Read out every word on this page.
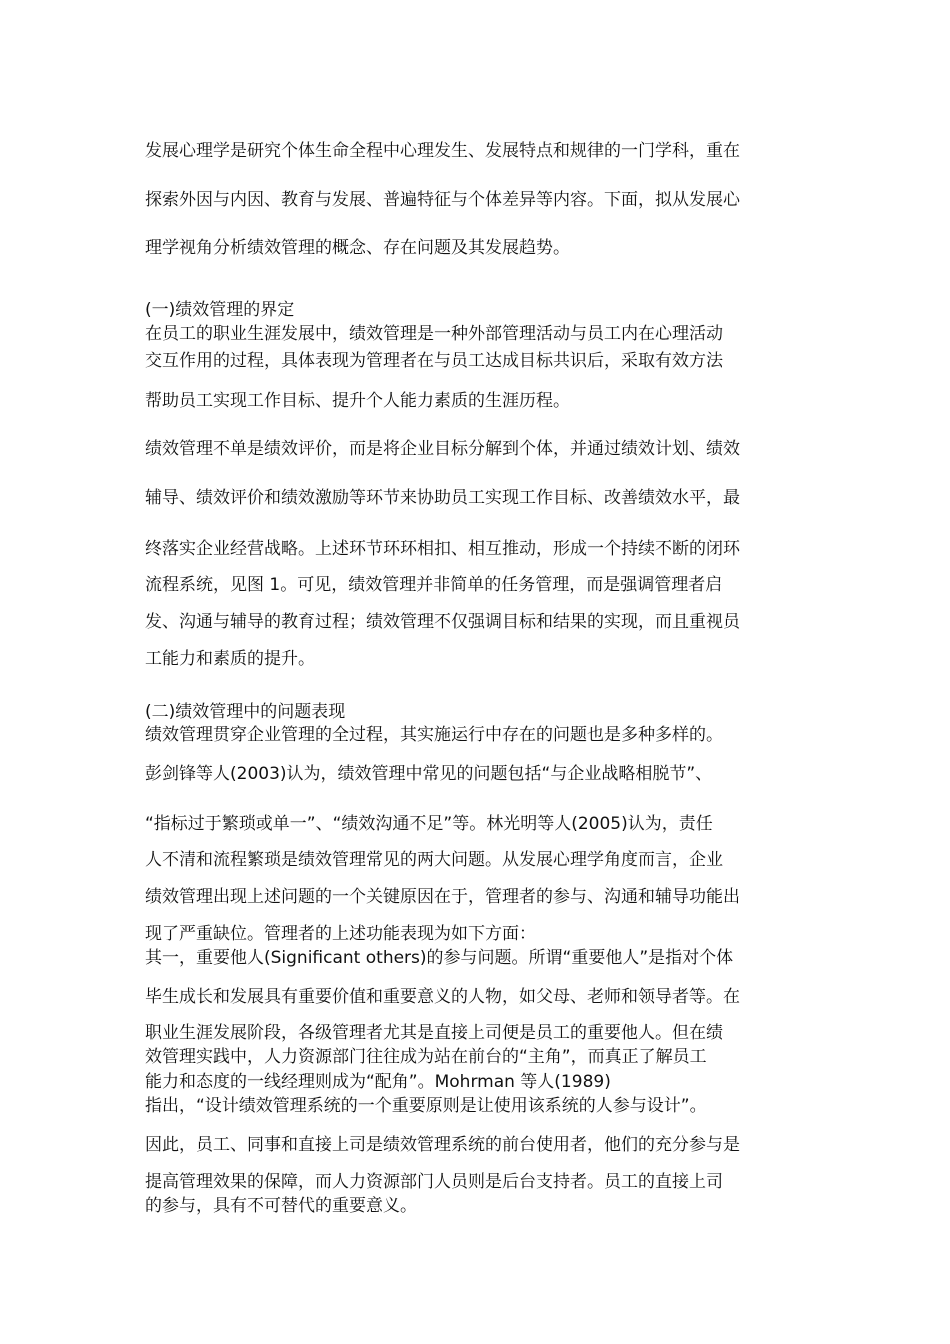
发展心理学是研究个体生命全程中心理发生、发展特点和规律的一门学科，重在
探索外因与内因、教育与发展、普遍特征与个体差异等内容。下面，拟从发展心
理学视角分析绩效管理的概念、存在问题及其发展趋势。
(一)绩效管理的界定
在员工的职业生涯发展中，绩效管理是一种外部管理活动与员工内在心理活动
交互作用的过程，具体表现为管理者在与员工达成目标共识后，采取有效方法
帮助员工实现工作目标、提升个人能力素质的生涯历程。
绩效管理不单是绩效评价，而是将企业目标分解到个体，并通过绩效计划、绩效
辅导、绩效评价和绩效激励等环节来协助员工实现工作目标、改善绩效水平，最
终落实企业经营战略。上述环节环环相扣、相互推动，形成一个持续不断的闭环
流程系统，见图 1。可见，绩效管理并非简单的任务管理，而是强调管理者启
发、沟通与辅导的教育过程；绩效管理不仅强调目标和结果的实现，而且重视员
工能力和素质的提升。
(二)绩效管理中的问题表现
绩效管理贯穿企业管理的全过程，其实施运行中存在的问题也是多种多样的。
彭剑锋等人(2003)认为，绩效管理中常见的问题包括“与企业战略相脱节”、
“指标过于繁琐或单一”、“绩效沟通不足”等。林光明等人(2005)认为，责任
人不清和流程繁琐是绩效管理常见的两大问题。从发展心理学角度而言，企业
绩效管理出现上述问题的一个关键原因在于，管理者的参与、沟通和辅导功能出
现了严重缺位。管理者的上述功能表现为如下方面：
其一，重要他人(Significant others)的参与问题。所谓“重要他人”是指对个体
毕生成长和发展具有重要价值和重要意义的人物，如父母、老师和领导者等。在
职业生涯发展阶段，各级管理者尤其是直接上司便是员工的重要他人。但在绩
效管理实践中，人力资源部门往往成为站在前台的“主角”，而真正了解员工
能力和态度的一线经理则成为“配角”。Mohrman 等人(1989)
指出，“设计绩效管理系统的一个重要原则是让使用该系统的人参与设计”。
因此，员工、同事和直接上司是绩效管理系统的前台使用者，他们的充分参与是
提高管理效果的保障，而人力资源部门人员则是后台支持者。员工的直接上司
的参与，具有不可替代的重要意义。
